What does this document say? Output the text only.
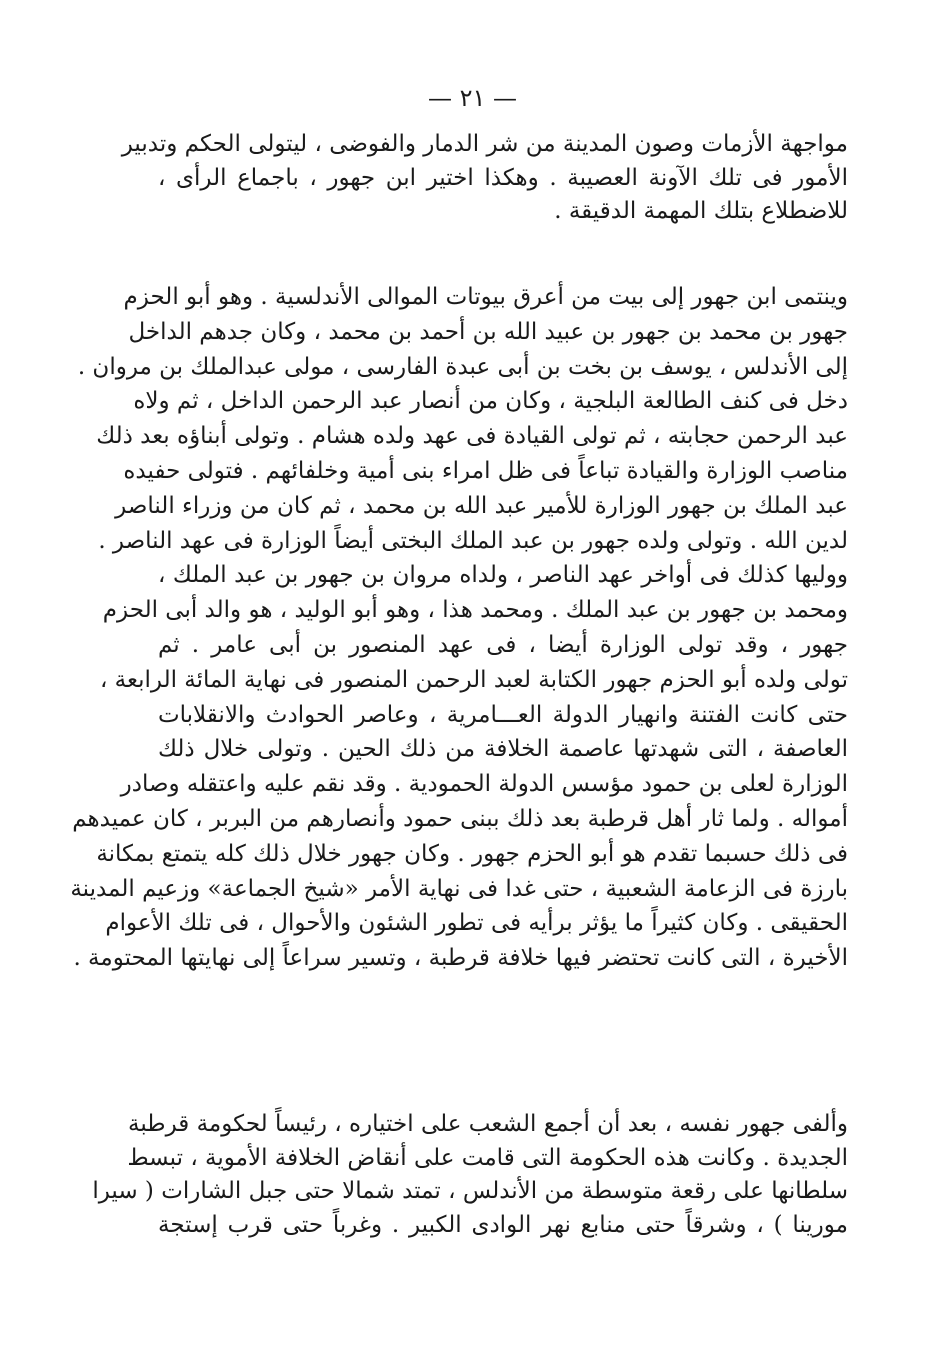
— ٢١ —
مواجهة الأزمات وصون المدينة من شر الدمار والفوضى ، ليتولى الحكم وتدبير
الأمور فى تلك الآونة العصيبة . وهكذا اختير ابن جهور ، باجماع الرأى ،
للاضطلاع بتلك المهمة الدقيقة .
وينتمى ابن جهور إلى بيت من أعرق بيوتات الموالى الأندلسية . وهو أبو الحزم
جهور بن محمد بن جهور بن عبيد الله بن أحمد بن محمد ، وكان جدهم الداخل
إلى الأندلس ، يوسف بن بخت بن أبى عبدة الفارسى ، مولى عبدالملك بن مروان .
دخل فى كنف الطالعة البلجية ، وكان من أنصار عبد الرحمن الداخل ، ثم ولاه
عبد الرحمن حجابته ، ثم تولى القيادة فى عهد ولده هشام . وتولى أبناؤه بعد ذلك
مناصب الوزارة والقيادة تباعاً فى ظل امراء بنى أمية وخلفائهم . فتولى حفيده
عبد الملك بن جهور الوزارة للأمير عبد الله بن محمد ، ثم كان من وزراء الناصر
لدين الله . وتولى ولده جهور بن عبد الملك البختى أيضاً الوزارة فى عهد الناصر .
ووليها كذلك فى أواخر عهد الناصر ، ولداه مروان بن جهور بن عبد الملك ،
ومحمد بن جهور بن عبد الملك . ومحمد هذا ، وهو أبو الوليد ، هو والد أبى الحزم
جهور ، وقد تولى الوزارة أيضا ، فى عهد المنصور بن أبى عامر . ثم
تولى ولده أبو الحزم جهور الكتابة لعبد الرحمن المنصور فى نهاية المائة الرابعة ،
حتى كانت الفتنة وانهيار الدولة العـــامرية ، وعاصر الحوادث والانقلابات
العاصفة ، التى شهدتها عاصمة الخلافة من ذلك الحين . وتولى خلال ذلك
الوزارة لعلى بن حمود مؤسس الدولة الحمودية . وقد نقم عليه واعتقله وصادر
أمواله . ولما ثار أهل قرطبة بعد ذلك ببنى حمود وأنصارهم من البربر ، كان عميدهم
فى ذلك حسبما تقدم هو أبو الحزم جهور . وكان جهور خلال ذلك كله يتمتع بمكانة
بارزة فى الزعامة الشعبية ، حتى غدا فى نهاية الأمر «شيخ الجماعة» وزعيم المدينة
الحقيقى . وكان كثيراً ما يؤثر برأيه فى تطور الشئون والأحوال ، فى تلك الأعوام
الأخيرة ، التى كانت تحتضر فيها خلافة قرطبة ، وتسير سراعاً إلى نهايتها المحتومة .
وألفى جهور نفسه ، بعد أن أجمع الشعب على اختياره ، رئيساً لحكومة قرطبة
الجديدة . وكانت هذه الحكومة التى قامت على أنقاض الخلافة الأموية ، تبسط
سلطانها على رقعة متوسطة من الأندلس ، تمتد شمالا حتى جبل الشارات ( سيرا
مورينا ) ، وشرقاً حتى منابع نهر الوادى الكبير . وغرباً حتى قرب إستجة
